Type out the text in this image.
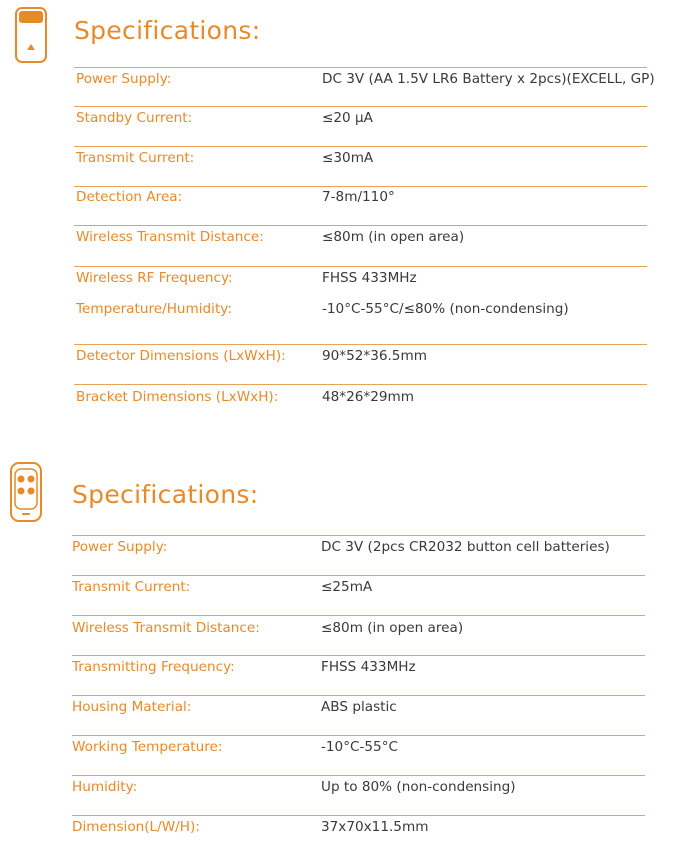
Specifications:
Power Supply:	DC 3V (AA 1.5V LR6 Battery x 2pcs)(EXCELL, GP)
Standby Current:	≤20 μA
Transmit Current:	≤30mA
Detection Area:	7-8m/110°
Wireless Transmit Distance:	≤80m (in open area)
Wireless RF Frequency:	FHSS 433MHz
Temperature/Humidity:	-10°C-55°C/≤80% (non-condensing)
Detector Dimensions (LxWxH):	90*52*36.5mm
Bracket Dimensions (LxWxH):	48*26*29mm
Specifications:
Power Supply:	DC 3V (2pcs CR2032 button cell batteries)
Transmit Current:	≤25mA
Wireless Transmit Distance:	≤80m (in open area)
Transmitting Frequency:	FHSS 433MHz
Housing Material:	ABS plastic
Working Temperature:	-10°C-55°C
Humidity:	Up to 80% (non-condensing)
Dimension(L/W/H):	37x70x11.5mm
